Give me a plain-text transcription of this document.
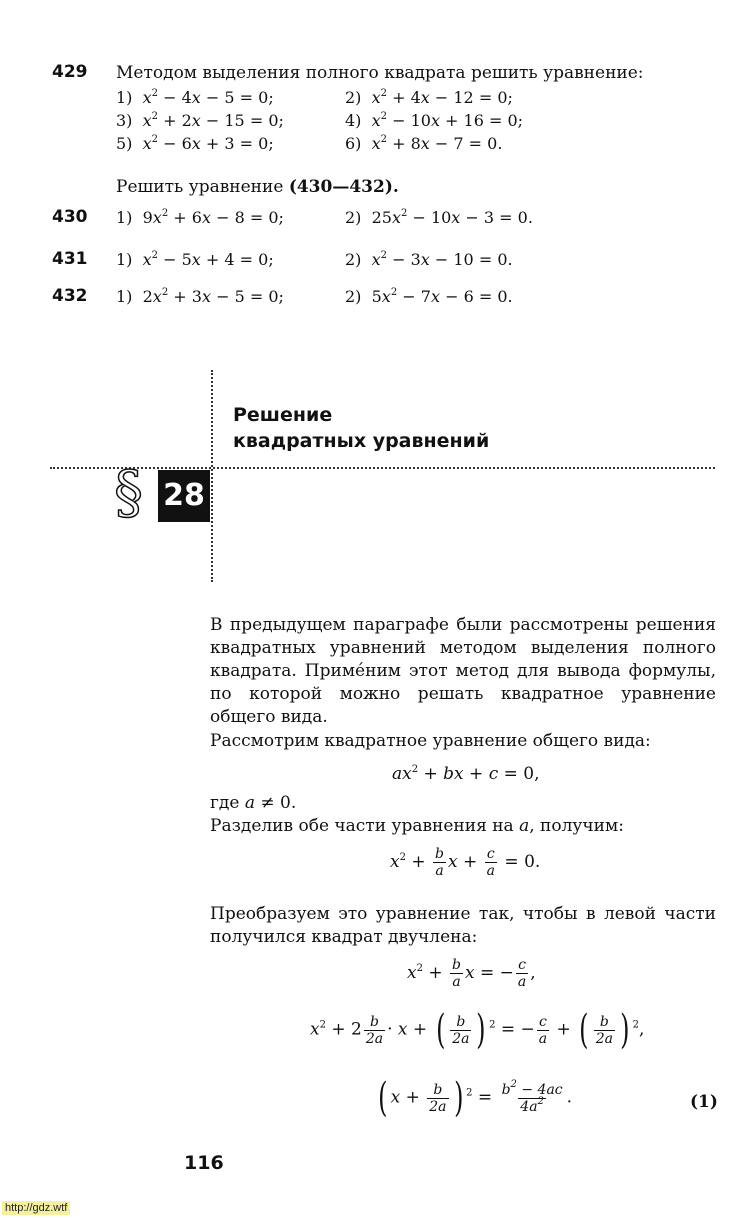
429 Методом выделения полного квадрата решить уравнение:
1) $x^2 - 4x - 5 = 0$;	2) $x^2 + 4x - 12 = 0$;
3) $x^2 + 2x - 15 = 0$;	4) $x^2 - 10x + 16 = 0$;
5) $x^2 - 6x + 3 = 0$;	6) $x^2 + 8x - 7 = 0$.
Решить уравнение (430—432).
430 1)  $9x^2 + 6x - 8 = 0$;	2)  $25x^2 - 10x - 3 = 0$.
431 1) $x^2 - 5x + 4 = 0$;	2) $x^2 - 3x - 10 = 0$.
432 1)  $2x^2 + 3x - 5 = 0$;	2)  $5x^2 - 7x - 6 = 0$.
Решение
квадратных уравнений
§ 28
В предыдущем параграфе были рассмотрены решения квадратных уравнений методом выделения полного квадрата. Примéним этот метод для вывода формулы, по которой можно решать квадратное уравнение общего вида.
Рассмотрим квадратное уравнение общего вида:
$ax^2$ + bx + c = 0,
где a ≠ 0.
Разделив обе части уравнения на a, получим:
$x^2 + \frac{b}{a}$ $x + \frac{c}{a} = 0$.
Преобразуем это уравнение так, чтобы в левой части получился квадрат двучлена:
$x^2 + \frac{b}{a}$ x = − $\frac{c}{a}$ ,
$x^2 + 2 \frac{b}{2a} \cdot x$ + ( $\frac{b}{2a}$ ) $^2$ = − $\frac{c}{a}$ + ( $\frac{b}{2a}$ ) $^2$,
( $x + \frac{b}{2a}$ ) $^2 = \frac{b^2 - 4ac}{4a^2}$ .	(1)
116
http://gdz.wtf
